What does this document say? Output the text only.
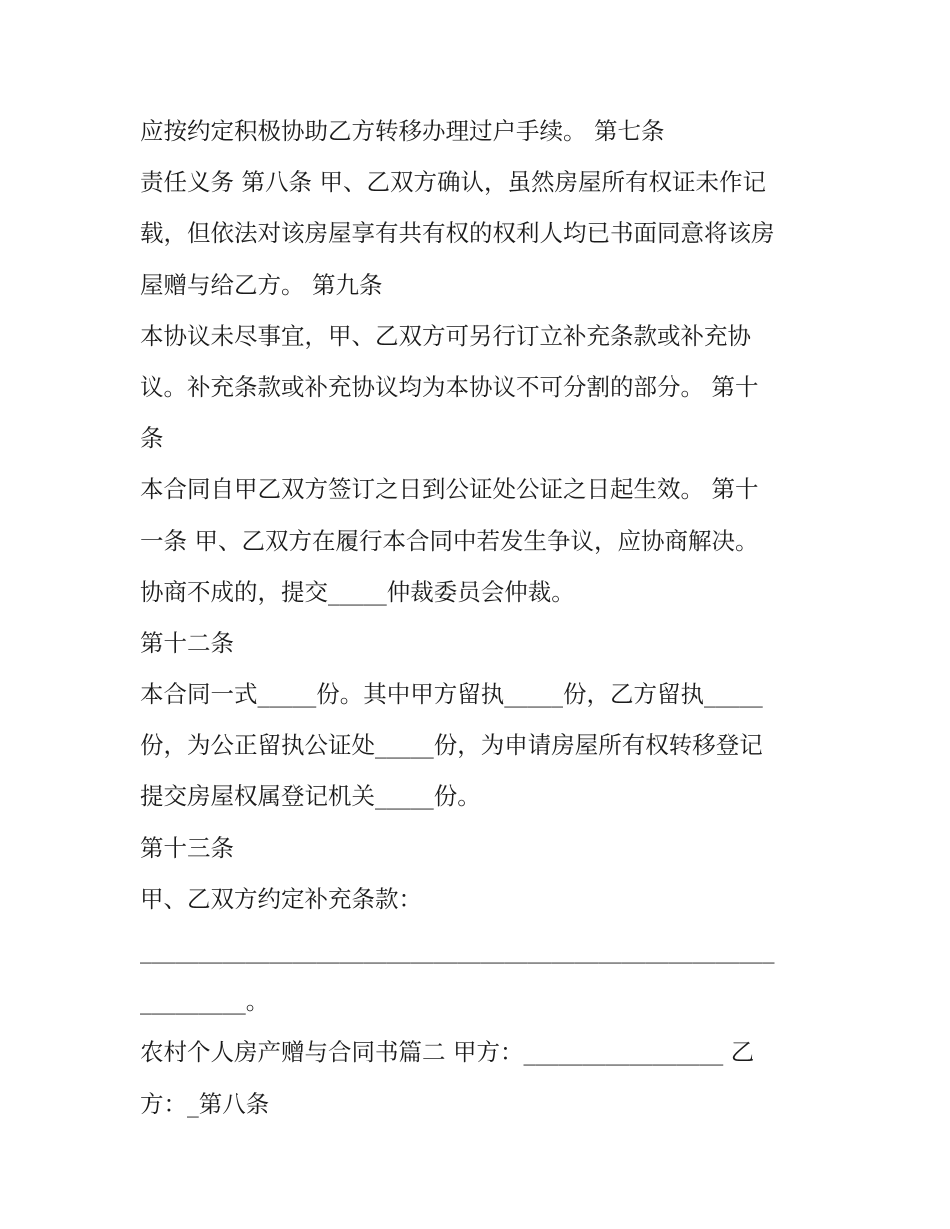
应按约定积极协助乙方转移办理过户手续。 第七条
责任义务 第八条 甲、乙双方确认，虽然房屋所有权证未作记
载，但依法对该房屋享有共有权的权利人均已书面同意将该房
屋赠与给乙方。 第九条
本协议未尽事宜，甲、乙双方可另行订立补充条款或补充协
议。补充条款或补充协议均为本协议不可分割的部分。 第十
条
本合同自甲乙双方签订之日到公证处公证之日起生效。 第十
一条 甲、乙双方在履行本合同中若发生争议，应协商解决。
协商不成的，提交_____仲裁委员会仲裁。
第十二条
本合同一式_____份。其中甲方留执_____份，乙方留执_____
份，为公正留执公证处_____份，为申请房屋所有权转移登记
提交房屋权属登记机关_____份。
第十三条
甲、乙双方约定补充条款：
______________________________________________________
_________。
农村个人房产赠与合同书篇二 甲方：_________________ 乙
方：_第八条
